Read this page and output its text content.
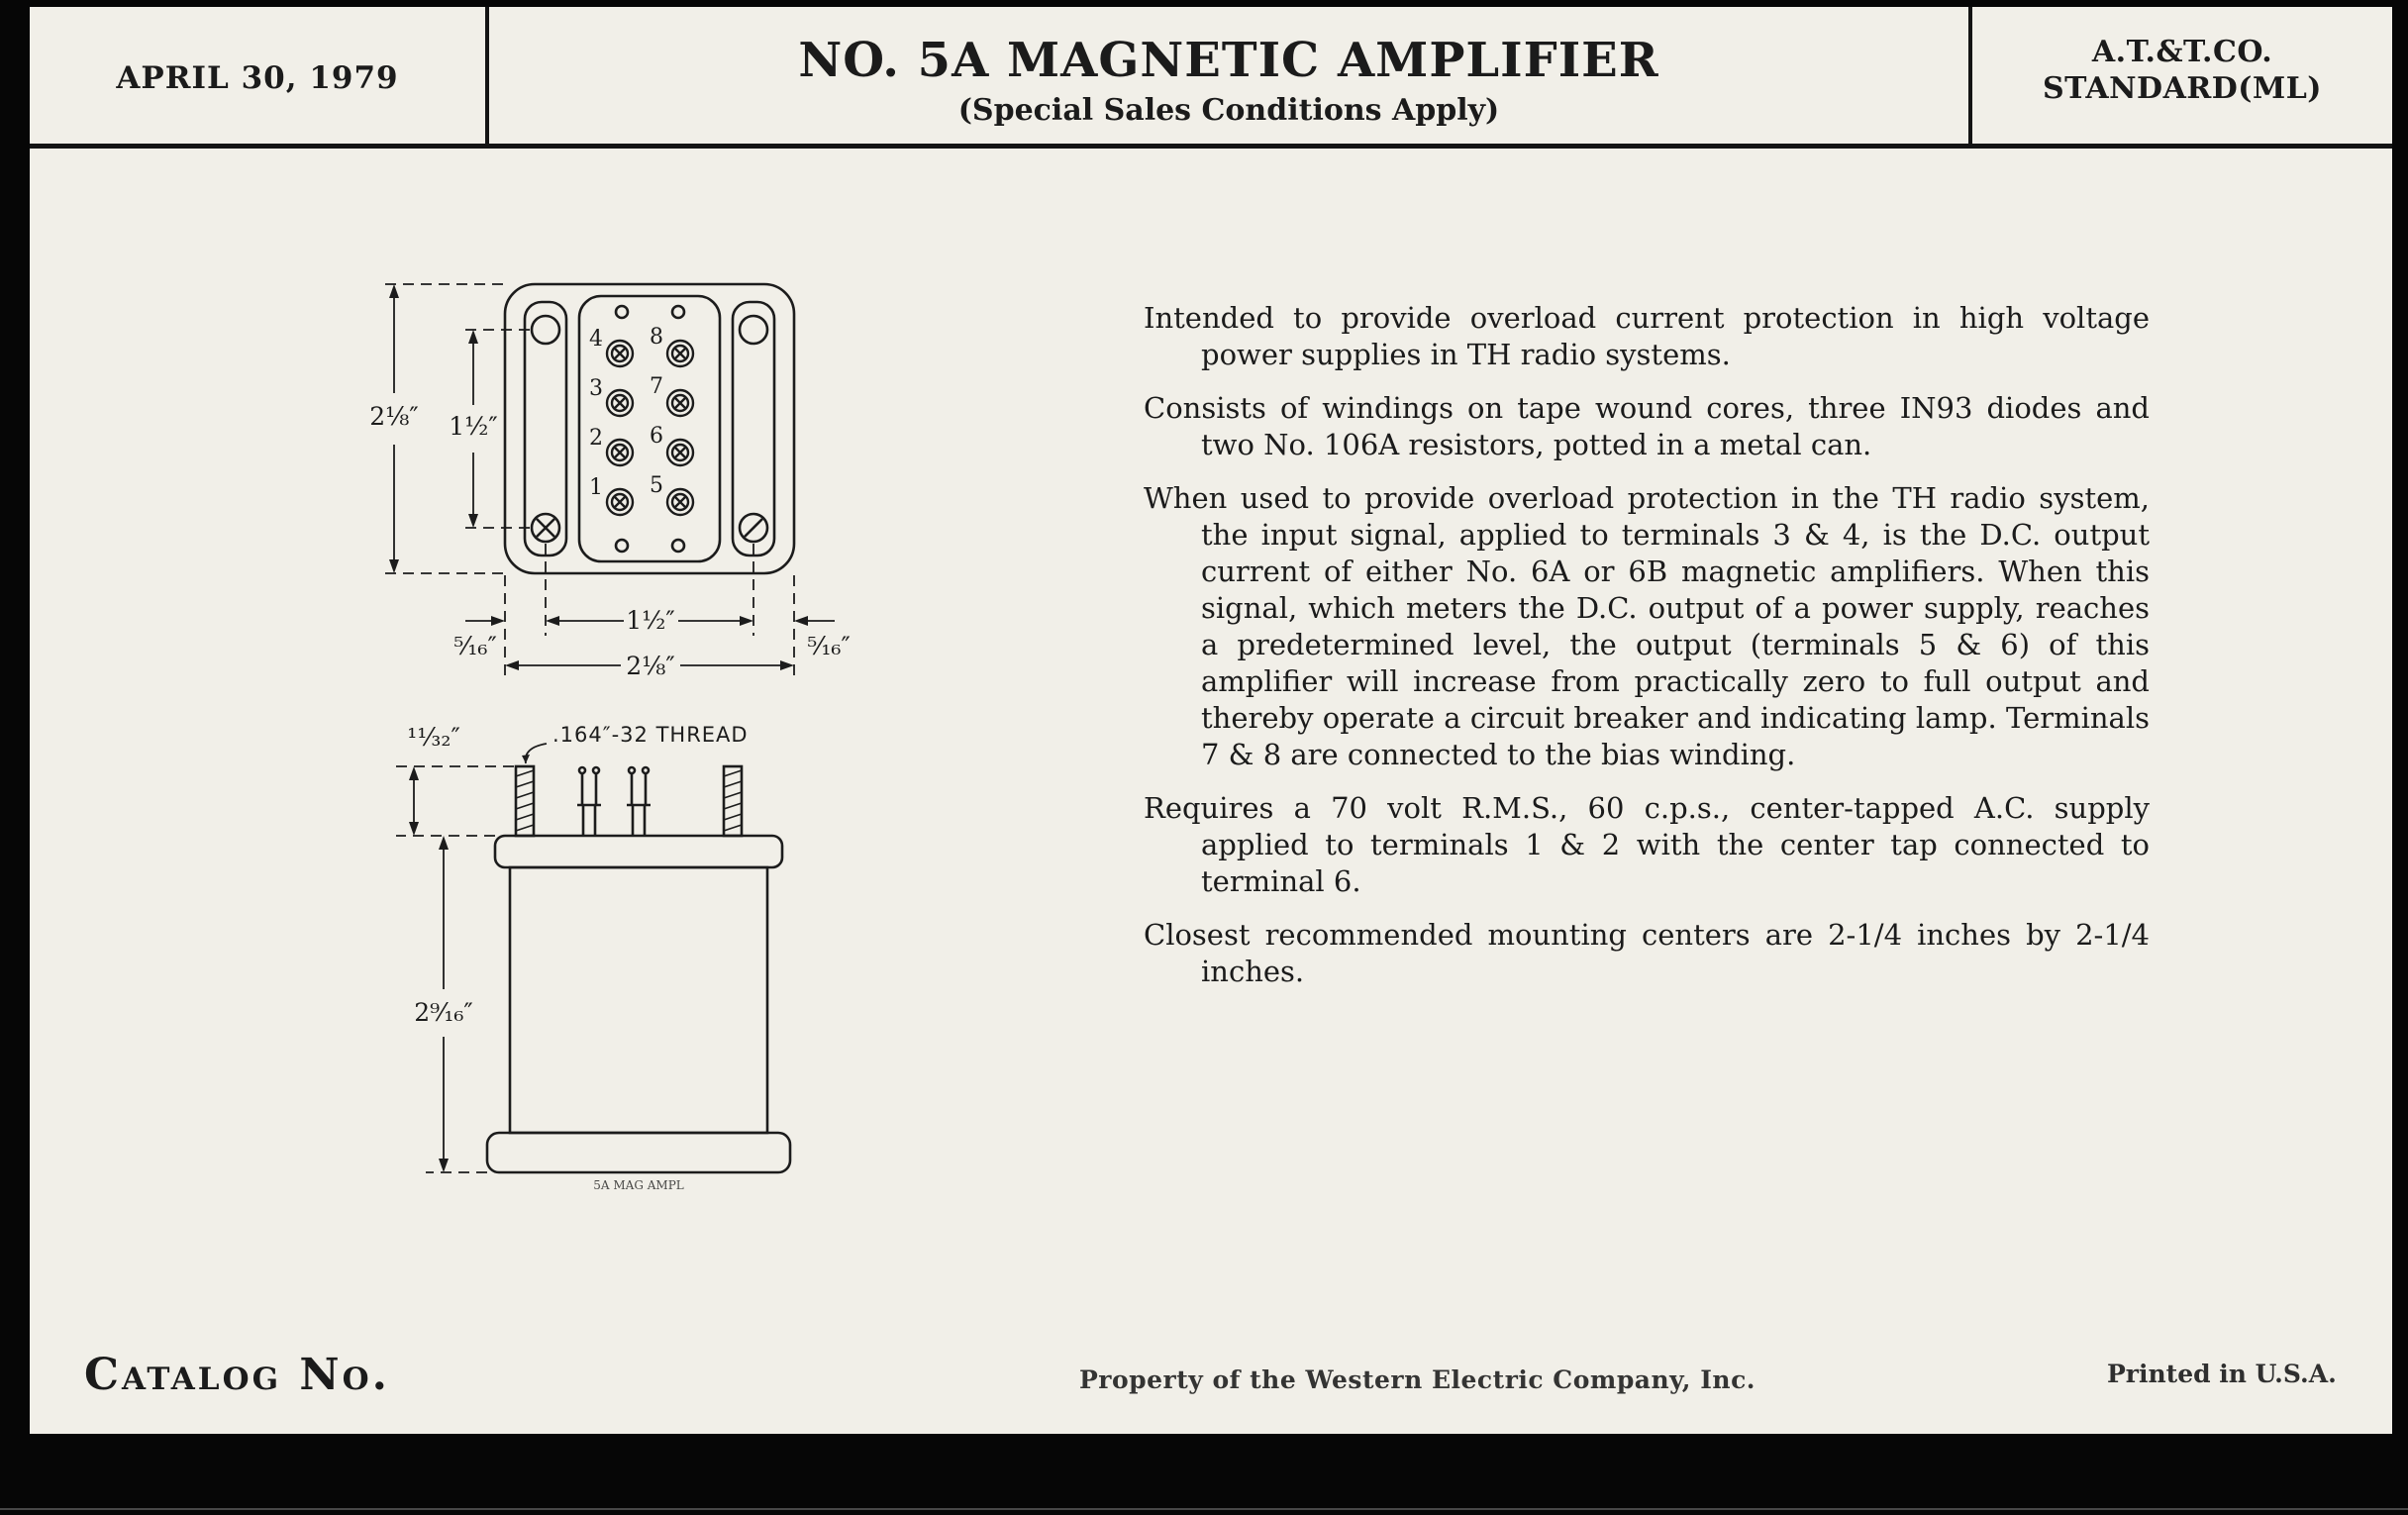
APRIL 30, 1979	NO. 5A MAGNETIC AMPLIFIER
(Special Sales Conditions Apply)
A.T.&T.CO.
STANDARD(ML)
4 8
3 7
2 6
1 5
2⅛″ 1½″
⁵⁄₁₆″
1½″
⁵⁄₁₆″
2⅛″
¹¹⁄₃₂″
2⁹⁄₁₆″
.164″-32 THREAD
5A MAG AMPL

Intended to provide overload current protection in high voltage power supplies in TH radio systems.

Consists of windings on tape wound cores, three IN93 diodes and two No. 106A resistors, potted in a metal can.

When used to provide overload protection in the TH radio system, the input signal, applied to terminals 3 & 4, is the D.C. output current of either No. 6A or 6B magnetic amplifiers. When this signal, which meters the D.C. output of a power supply, reaches a predetermined level, the output (terminals 5 & 6) of this amplifier will increase from practically zero to full output and thereby operate a circuit breaker and indicating lamp. Terminals 7 & 8 are connected to the bias winding.

Requires a 70 volt R.M.S., 60 c.p.s., center-tapped A.C. supply applied to terminals 1 & 2 with the center tap connected to terminal 6.

Closest recommended mounting centers are 2-1/4 inches by 2-1/4 inches.

Catalog No.	Property of the Western Electric Company, Inc.	Printed in U.S.A.
